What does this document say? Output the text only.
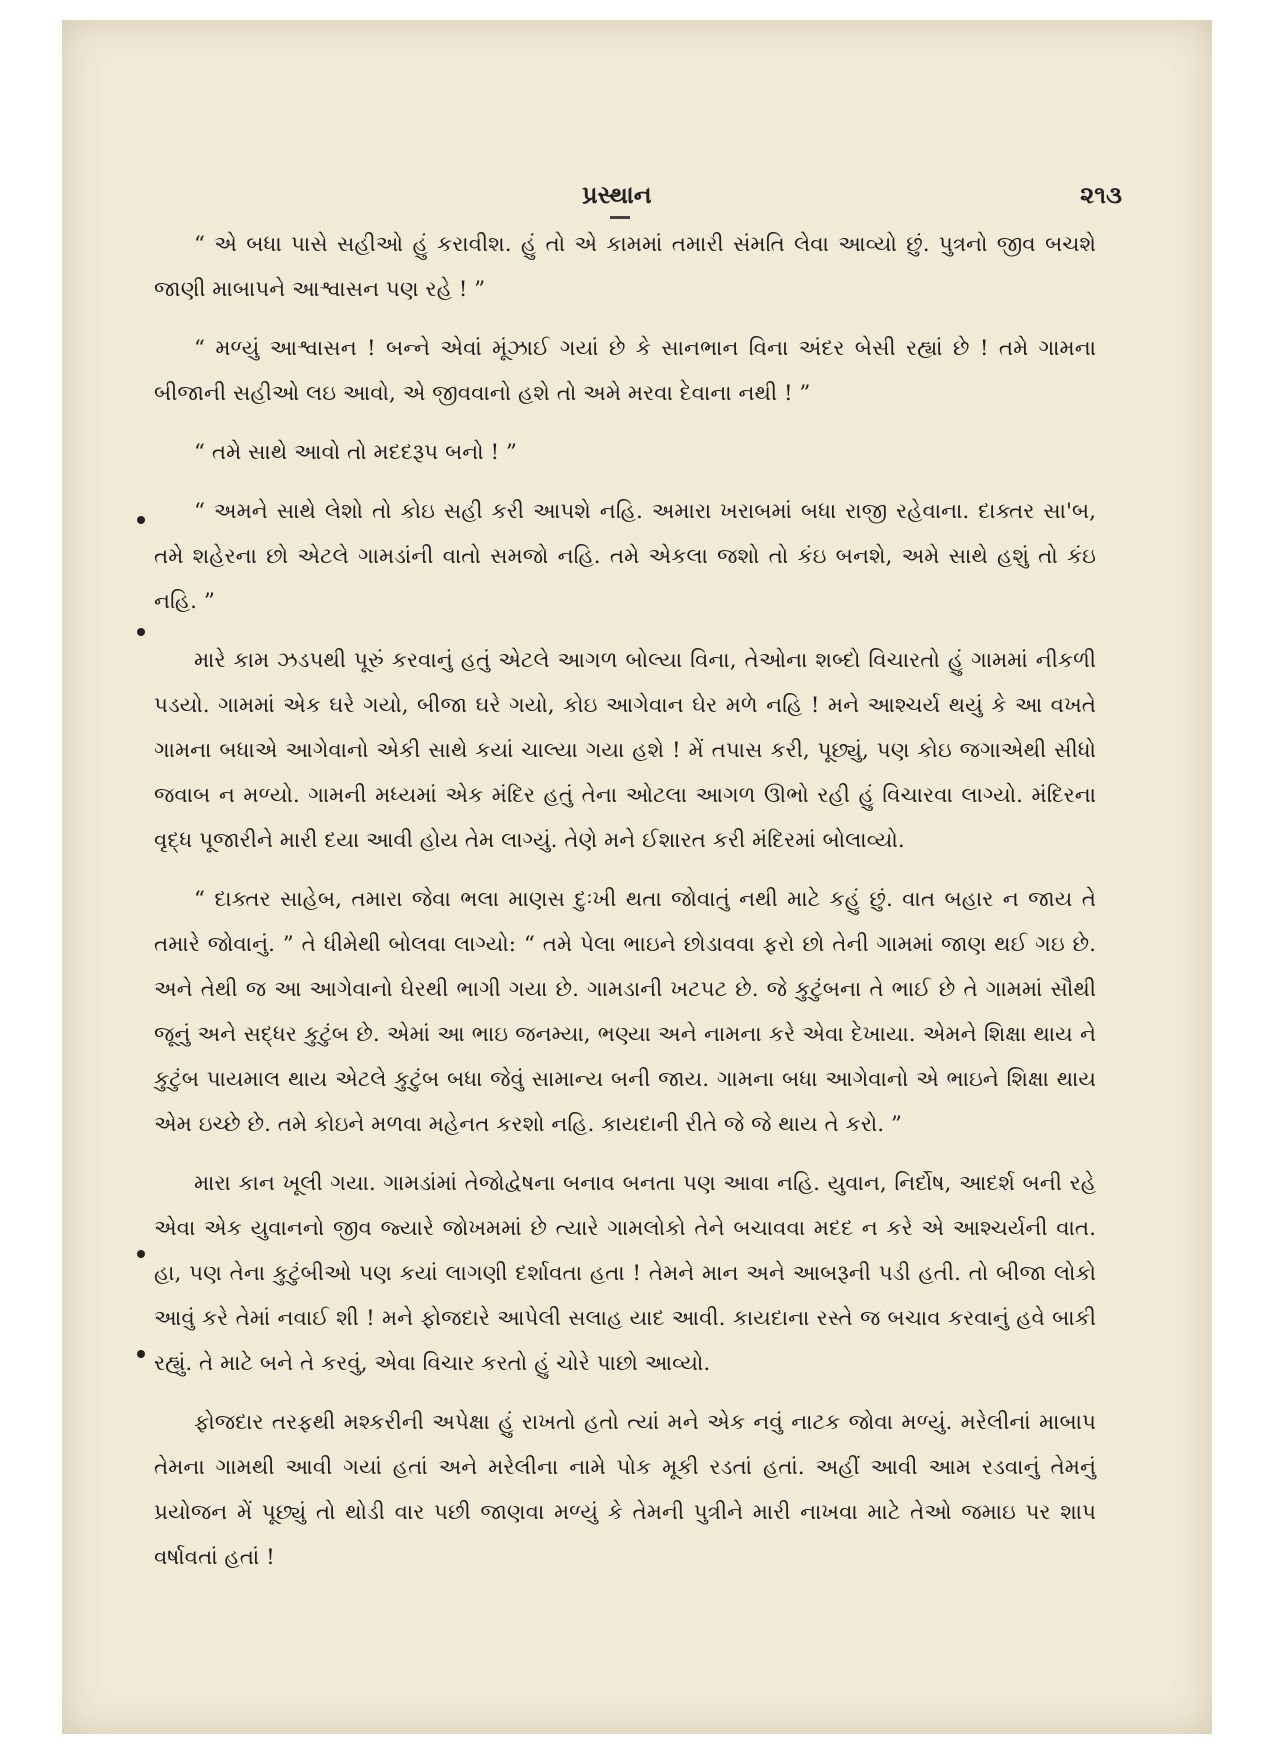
પ્રસ્થાન	૨૧૩

“ એ બધા પાસે સહીઓ હું કરાવીશ. હું તો એ કામમાં તમારી સંમતિ લેવા આવ્યો છું. પુત્રનો જીવ બચશે જાણી માબાપને આશ્વાસન પણ રહે ! ”

“ મળ્યું આશ્વાસન ! બન્ને એવાં મૂંઝાઈ ગયાં છે કે સાનભાન વિના અંદર બેસી રહ્યાં છે ! તમે ગામના બીજાની સહીઓ લઇ આવો, એ જીવવાનો હશે તો અમે મરવા દેવાના નથી ! ”

“ તમે સાથે આવો તો મદદરૂપ બનો ! ”

“ અમને સાથે લેશો તો કોઇ સહી કરી આપશે નહિ. અમારા ખરાબમાં બધા રાજી રહેવાના. દાક્તર સા'બ, તમે શહેરના છો એટલે ગામડાંની વાતો સમજો નહિ. તમે એકલા જશો તો કંઇ બનશે, અમે સાથે હશું તો કંઇ નહિ. ”

મારે કામ ઝડપથી પૂરું કરવાનું હતું એટલે આગળ બોલ્યા વિના, તેઓના શબ્દો વિચારતો હું ગામમાં નીકળી પડયો. ગામમાં એક ઘરે ગયો, બીજા ઘરે ગયો, કોઇ આગેવાન ઘેર મળે નહિ ! મને આશ્ચર્ય થયું કે આ વખતે ગામના બધાએ આગેવાનો એકી સાથે કયાં ચાલ્યા ગયા હશે ! મેં તપાસ કરી, પૂછ્યું, પણ કોઇ જગાએથી સીધો જવાબ ન મળ્યો. ગામની મધ્યમાં એક મંદિર હતું તેના ઓટલા આગળ ઊભો રહી હું વિચારવા લાગ્યો. મંદિરના વૃદ્ધ પૂજારીને મારી દયા આવી હોય તેમ લાગ્યું. તેણે મને ઈશારત કરી મંદિરમાં બોલાવ્યો.

“ દાક્તર સાહેબ, તમારા જેવા ભલા માણસ દુઃખી થતા જોવાતું નથી માટે કહું છું. વાત બહાર ન જાય તે તમારે જોવાનું. ” તે ધીમેથી બોલવા લાગ્યો: “ તમે પેલા ભાઇને છોડાવવા ફરો છો તેની ગામમાં જાણ થઈ ગઇ છે. અને તેથી જ આ આગેવાનો ઘેરથી ભાગી ગયા છે. ગામડાની ખટપટ છે. જે કુટુંબના તે ભાઈ છે તે ગામમાં સૌથી જૂનું અને સદ્ધર કુટુંબ છે. એમાં આ ભાઇ જનમ્યા, ભણ્યા અને નામના કરે એવા દેખાયા. એમને શિક્ષા થાય ને કુટુંબ પાયમાલ થાય એટલે કુટુંબ બધા જેવું સામાન્ય બની જાય. ગામના બધા આગેવાનો એ ભાઇને શિક્ષા થાય એમ ઇચ્છે છે. તમે કોઇને મળવા મહેનત કરશો નહિ. કાયદાની રીતે જે જે થાય તે કરો. ”

મારા કાન ખૂલી ગયા. ગામડાંમાં તેજોદ્વેષના બનાવ બનતા પણ આવા નહિ. યુવાન, નિર્દોષ, આદર્શ બની રહે એવા એક યુવાનનો જીવ જ્યારે જોખમમાં છે ત્યારે ગામલોકો તેને બચાવવા મદદ ન કરે એ આશ્ચર્યની વાત. હા, પણ તેના કુટુંબીઓ પણ કયાં લાગણી દર્શાવતા હતા ! તેમને માન અને આબરૂની પડી હતી. તો બીજા લોકો આવું કરે તેમાં નવાઈ શી ! મને ફોજદારે આપેલી સલાહ યાદ આવી. કાયદાના રસ્તે જ બચાવ કરવાનું હવે બાકી રહ્યું. તે માટે બને તે કરવું, એવા વિચાર કરતો હું ચોરે પાછો આવ્યો.

ફોજદાર તરફથી મશ્કરીની અપેક્ષા હું રાખતો હતો ત્યાં મને એક નવું નાટક જોવા મળ્યું. મરેલીનાં માબાપ તેમના ગામથી આવી ગયાં હતાં અને મરેલીના નામે પોક મૂકી રડતાં હતાં. અહીં આવી આમ રડવાનું તેમનું પ્રયોજન મેં પૂછ્યું તો થોડી વાર પછી જાણવા મળ્યું કે તેમની પુત્રીને મારી નાખવા માટે તેઓ જમાઇ પર શાપ વર્ષાવતાં હતાં !
